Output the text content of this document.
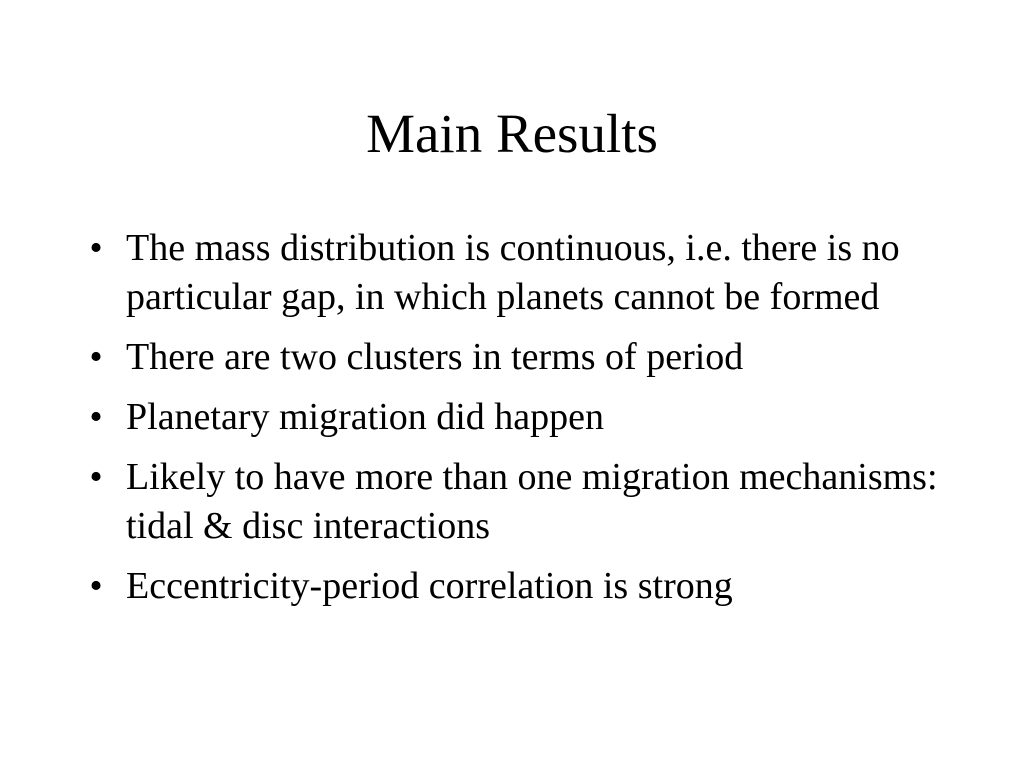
Main Results
• The mass distribution is continuous, i.e. there is no particular gap, in which planets cannot be formed
• There are two clusters in terms of period
• Planetary migration did happen
• Likely to have more than one migration mechanisms: tidal & disc interactions
• Eccentricity-period correlation is strong
